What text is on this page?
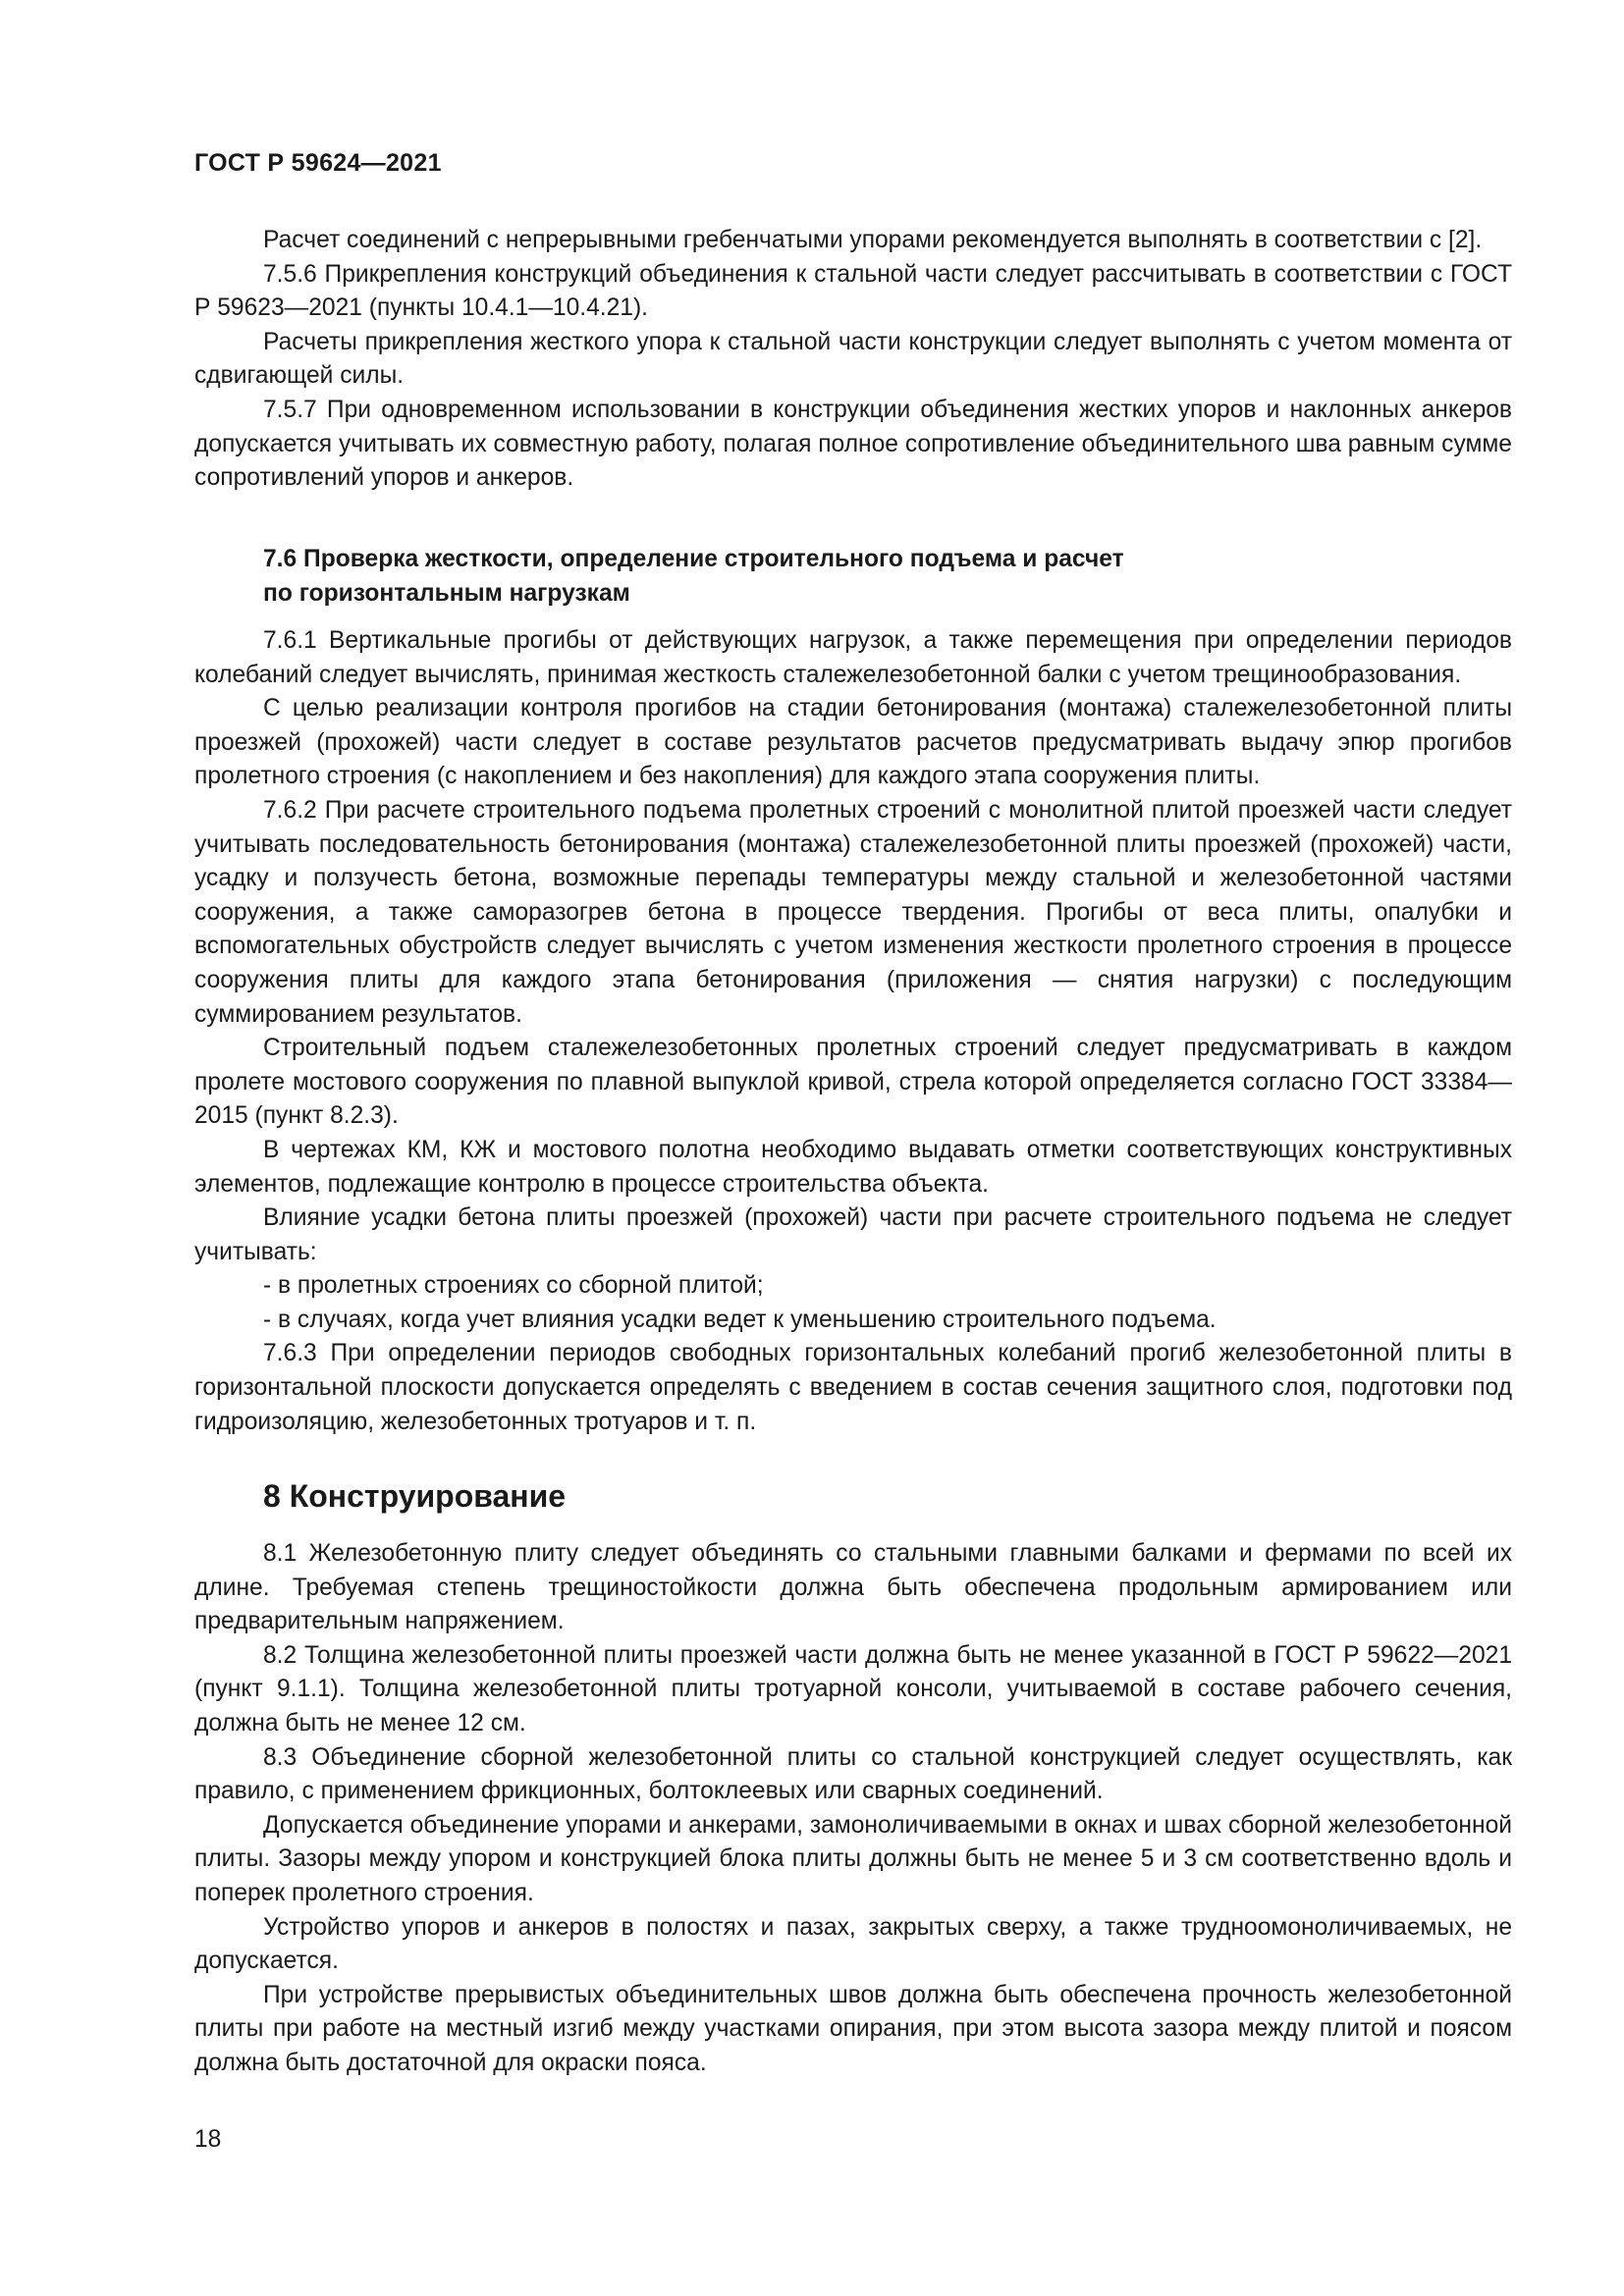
ГОСТ Р 59624—2021

Расчет соединений с непрерывными гребенчатыми упорами рекомендуется выполнять в соответствии с [2].

7.5.6 Прикрепления конструкций объединения к стальной части следует рассчитывать в соответствии с ГОСТ Р 59623—2021 (пункты 10.4.1—10.4.21).

Расчеты прикрепления жесткого упора к стальной части конструкции следует выполнять с учетом момента от сдвигающей силы.

7.5.7 При одновременном использовании в конструкции объединения жестких упоров и наклонных анкеров допускается учитывать их совместную работу, полагая полное сопротивление объединительного шва равным сумме сопротивлений упоров и анкеров.

7.6 Проверка жесткости, определение строительного подъема и расчет
по горизонтальным нагрузкам

7.6.1 Вертикальные прогибы от действующих нагрузок, а также перемещения при определении периодов колебаний следует вычислять, принимая жесткость сталежелезобетонной балки с учетом трещинообразования.

С целью реализации контроля прогибов на стадии бетонирования (монтажа) сталежелезобетонной плиты проезжей (прохожей) части следует в составе результатов расчетов предусматривать выдачу эпюр прогибов пролетного строения (с накоплением и без накопления) для каждого этапа сооружения плиты.

7.6.2 При расчете строительного подъема пролетных строений с монолитной плитой проезжей части следует учитывать последовательность бетонирования (монтажа) сталежелезобетонной плиты проезжей (прохожей) части, усадку и ползучесть бетона, возможные перепады температуры между стальной и железобетонной частями сооружения, а также саморазогрев бетона в процессе твердения. Прогибы от веса плиты, опалубки и вспомогательных обустройств следует вычислять с учетом изменения жесткости пролетного строения в процессе сооружения плиты для каждого этапа бетонирования (приложения — снятия нагрузки) с последующим суммированием результатов.

Строительный подъем сталежелезобетонных пролетных строений следует предусматривать в каждом пролете мостового сооружения по плавной выпуклой кривой, стрела которой определяется согласно ГОСТ 33384—2015 (пункт 8.2.3).

В чертежах КМ, КЖ и мостового полотна необходимо выдавать отметки соответствующих конструктивных элементов, подлежащие контролю в процессе строительства объекта.

Влияние усадки бетона плиты проезжей (прохожей) части при расчете строительного подъема не следует учитывать:

- в пролетных строениях со сборной плитой;

- в случаях, когда учет влияния усадки ведет к уменьшению строительного подъема.

7.6.3 При определении периодов свободных горизонтальных колебаний прогиб железобетонной плиты в горизонтальной плоскости допускается определять с введением в состав сечения защитного слоя, подготовки под гидроизоляцию, железобетонных тротуаров и т. п.

8 Конструирование

8.1 Железобетонную плиту следует объединять со стальными главными балками и фермами по всей их длине. Требуемая степень трещиностойкости должна быть обеспечена продольным армированием или предварительным напряжением.

8.2 Толщина железобетонной плиты проезжей части должна быть не менее указанной в ГОСТ Р 59622—2021 (пункт 9.1.1). Толщина железобетонной плиты тротуарной консоли, учитываемой в составе рабочего сечения, должна быть не менее 12 см.

8.3 Объединение сборной железобетонной плиты со стальной конструкцией следует осуществлять, как правило, с применением фрикционных, болтоклеевых или сварных соединений.

Допускается объединение упорами и анкерами, замоноличиваемыми в окнах и швах сборной железобетонной плиты. Зазоры между упором и конструкцией блока плиты должны быть не менее 5 и 3 см соответственно вдоль и поперек пролетного строения.

Устройство упоров и анкеров в полостях и пазах, закрытых сверху, а также трудноомоноличиваемых, не допускается.

При устройстве прерывистых объединительных швов должна быть обеспечена прочность железобетонной плиты при работе на местный изгиб между участками опирания, при этом высота зазора между плитой и поясом должна быть достаточной для окраски пояса.

18
